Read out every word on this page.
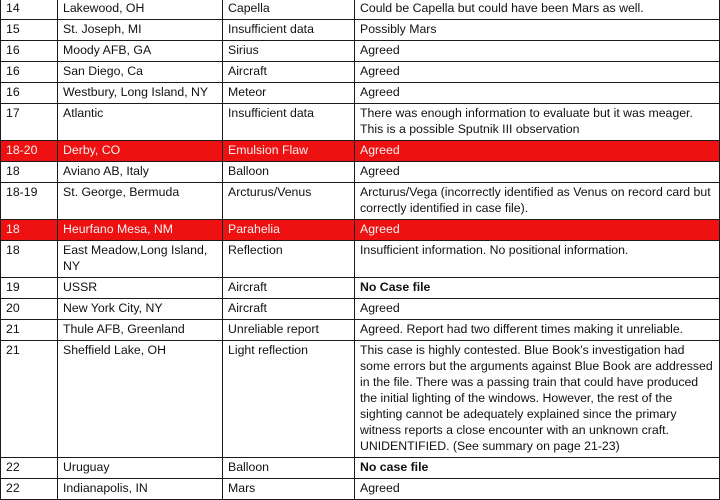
14	Lakewood, OH	Capella	Could be Capella but could have been Mars as well.
15	St. Joseph, MI	Insufficient data	Possibly Mars
16	Moody AFB, GA	Sirius	Agreed
16	San Diego, Ca	Aircraft	Agreed
16	Westbury, Long Island, NY	Meteor	Agreed
17	Atlantic	Insufficient data	There was enough information to evaluate but it was meager. This is a possible Sputnik III observation
18-20	Derby, CO	Emulsion Flaw	Agreed
18	Aviano AB, Italy	Balloon	Agreed
18-19	St. George, Bermuda	Arcturus/Venus	Arcturus/Vega (incorrectly identified as Venus on record card but correctly identified in case file).
18	Heurfano Mesa, NM	Parahelia	Agreed
18	East Meadow,Long Island, NY	Reflection	Insufficient information. No positional information.
19	USSR	Aircraft	No Case file
20	New York City, NY	Aircraft	Agreed
21	Thule AFB, Greenland	Unreliable report	Agreed. Report had two different times making it unreliable.
21	Sheffield Lake, OH	Light reflection	This case is highly contested. Blue Book’s investigation had some errors but the arguments against Blue Book are addressed in the file. There was a passing train that could have produced the initial lighting of the windows. However, the rest of the sighting cannot be adequately explained since the primary witness reports a close encounter with an unknown craft. UNIDENTIFIED. (See summary on page 21-23)
22	Uruguay	Balloon	No case file
22	Indianapolis, IN	Mars	Agreed
